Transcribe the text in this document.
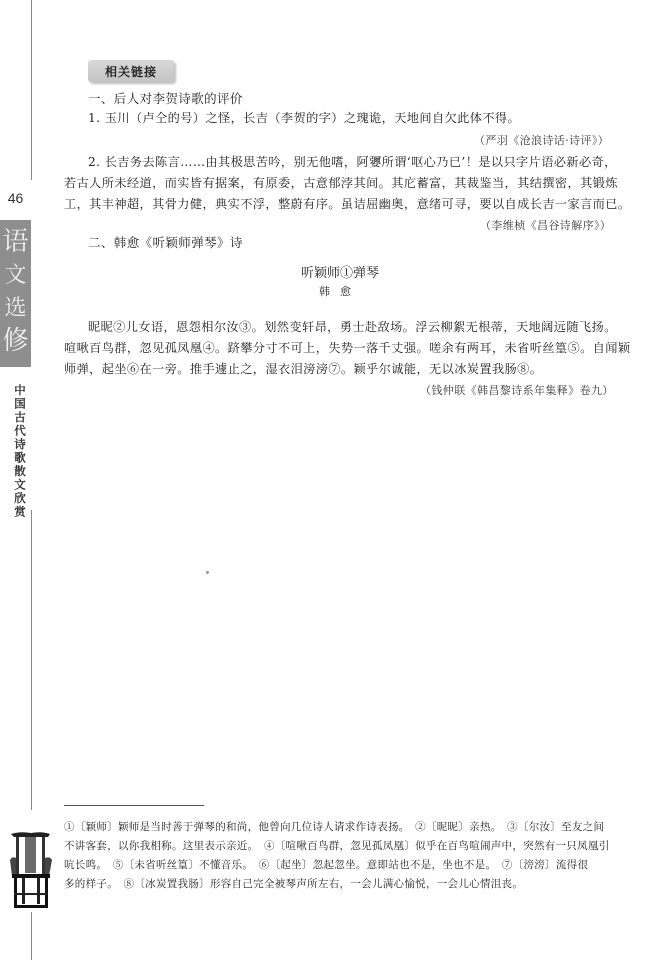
46
语
文
选
修
中国古代诗歌散文欣赏
相关链接
一、后人对李贺诗歌的评价
1. 玉川（卢仝的号）之怪，长吉（李贺的字）之瑰诡，天地间自欠此体不得。
（严羽《沧浪诗话·诗评》）
2. 长吉务去陈言……由其极思苦吟，别无他嗜，阿㜷所谓‘呕心乃已’！是以只字片语必新必奇，
若古人所未经道，而实皆有据案，有原委，古意郁浡其间。其庀蓄富，其裁鉴当，其结撰密，其锻炼
工，其丰神超，其骨力健，典实不浮，整蔚有序。虽诘屈幽奥，意绪可寻，要以自成长吉一家言而已。
（李维桢《昌谷诗解序》）
二、韩愈《听颖师弹琴》诗
听颖师①弹琴
韩愈
昵昵②儿女语，恩怨相尔汝③。划然变轩昂，勇士赴敌场。浮云柳絮无根蒂，天地阔远随飞扬。
喧啾百鸟群，忽见孤凤凰④。跻攀分寸不可上，失势一落千丈强。嗟余有两耳，未省听丝篁⑤。自闻颖
师弹，起坐⑥在一旁。推手遽止之，湿衣泪滂滂⑦。颖乎尔诚能，无以冰炭置我肠⑧。
（钱仲联《韩昌黎诗系年集释》卷九）
①〔颖师〕颖师是当时善于弹琴的和尚，他曾向几位诗人请求作诗表扬。　②〔昵昵〕亲热。　③〔尔汝〕至友之间
不讲客套，以你我相称。这里表示亲近。　④〔喧啾百鸟群，忽见孤凤凰〕似乎在百鸟喧闹声中，突然有一只凤凰引
吭长鸣。　⑤〔未省听丝篁〕不懂音乐。　⑥〔起坐〕忽起忽坐。意即站也不是，坐也不是。　⑦〔滂滂〕流得很
多的样子。　⑧〔冰炭置我肠〕形容自己完全被琴声所左右，一会儿满心愉悦，一会儿心情沮丧。
